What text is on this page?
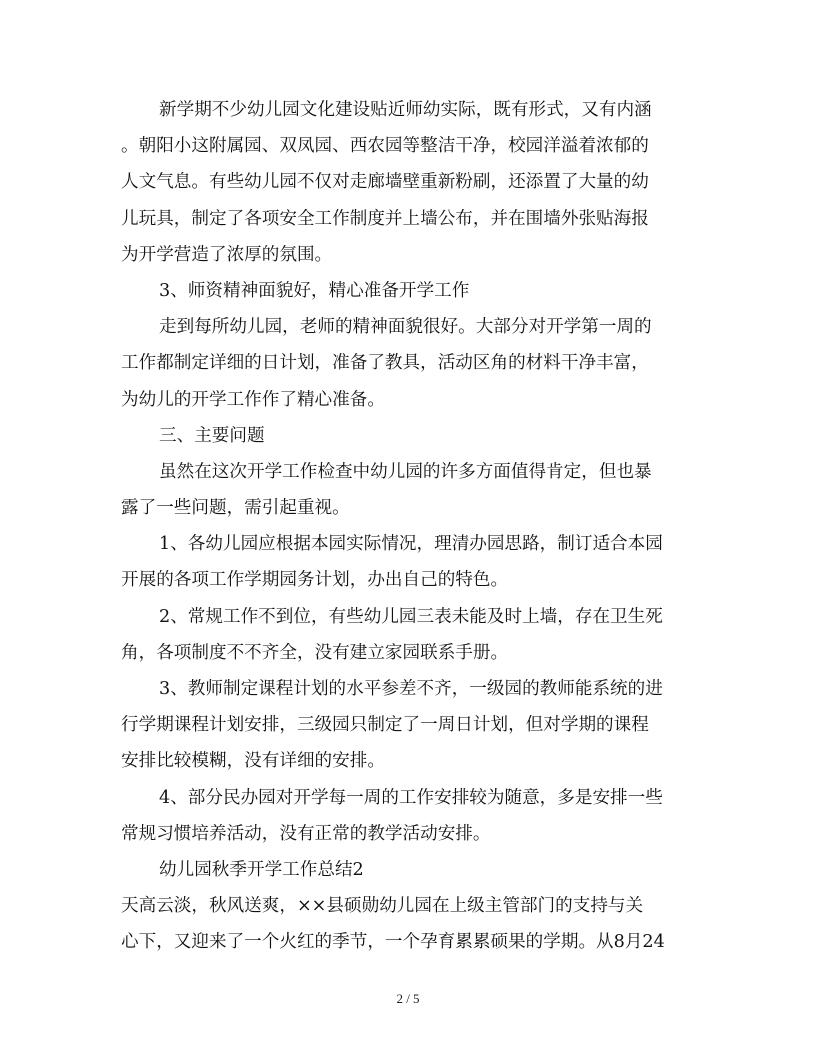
新学期不少幼儿园文化建设贴近师幼实际，既有形式，又有内涵
。朝阳小这附属园、双凤园、西农园等整洁干净，校园洋溢着浓郁的
人文气息。有些幼儿园不仅对走廊墙壁重新粉刷，还添置了大量的幼
儿玩具，制定了各项安全工作制度并上墙公布，并在围墙外张贴海报
为开学营造了浓厚的氛围。
3、师资精神面貌好，精心准备开学工作
走到每所幼儿园，老师的精神面貌很好。大部分对开学第一周的
工作都制定详细的日计划，准备了教具，活动区角的材料干净丰富，
为幼儿的开学工作作了精心准备。
三、主要问题
虽然在这次开学工作检查中幼儿园的许多方面值得肯定，但也暴
露了一些问题，需引起重视。
1、各幼儿园应根据本园实际情况，理清办园思路，制订适合本园
开展的各项工作学期园务计划，办出自己的特色。
2、常规工作不到位，有些幼儿园三表未能及时上墙，存在卫生死
角，各项制度不不齐全，没有建立家园联系手册。
3、教师制定课程计划的水平参差不齐，一级园的教师能系统的进
行学期课程计划安排，三级园只制定了一周日计划，但对学期的课程
安排比较模糊，没有详细的安排。
4、部分民办园对开学每一周的工作安排较为随意，多是安排一些
常规习惯培养活动，没有正常的教学活动安排。
幼儿园秋季开学工作总结2
天高云淡，秋风送爽，××县硕勋幼儿园在上级主管部门的支持与关
心下，又迎来了一个火红的季节，一个孕育累累硕果的学期。从8月24
2 / 5
